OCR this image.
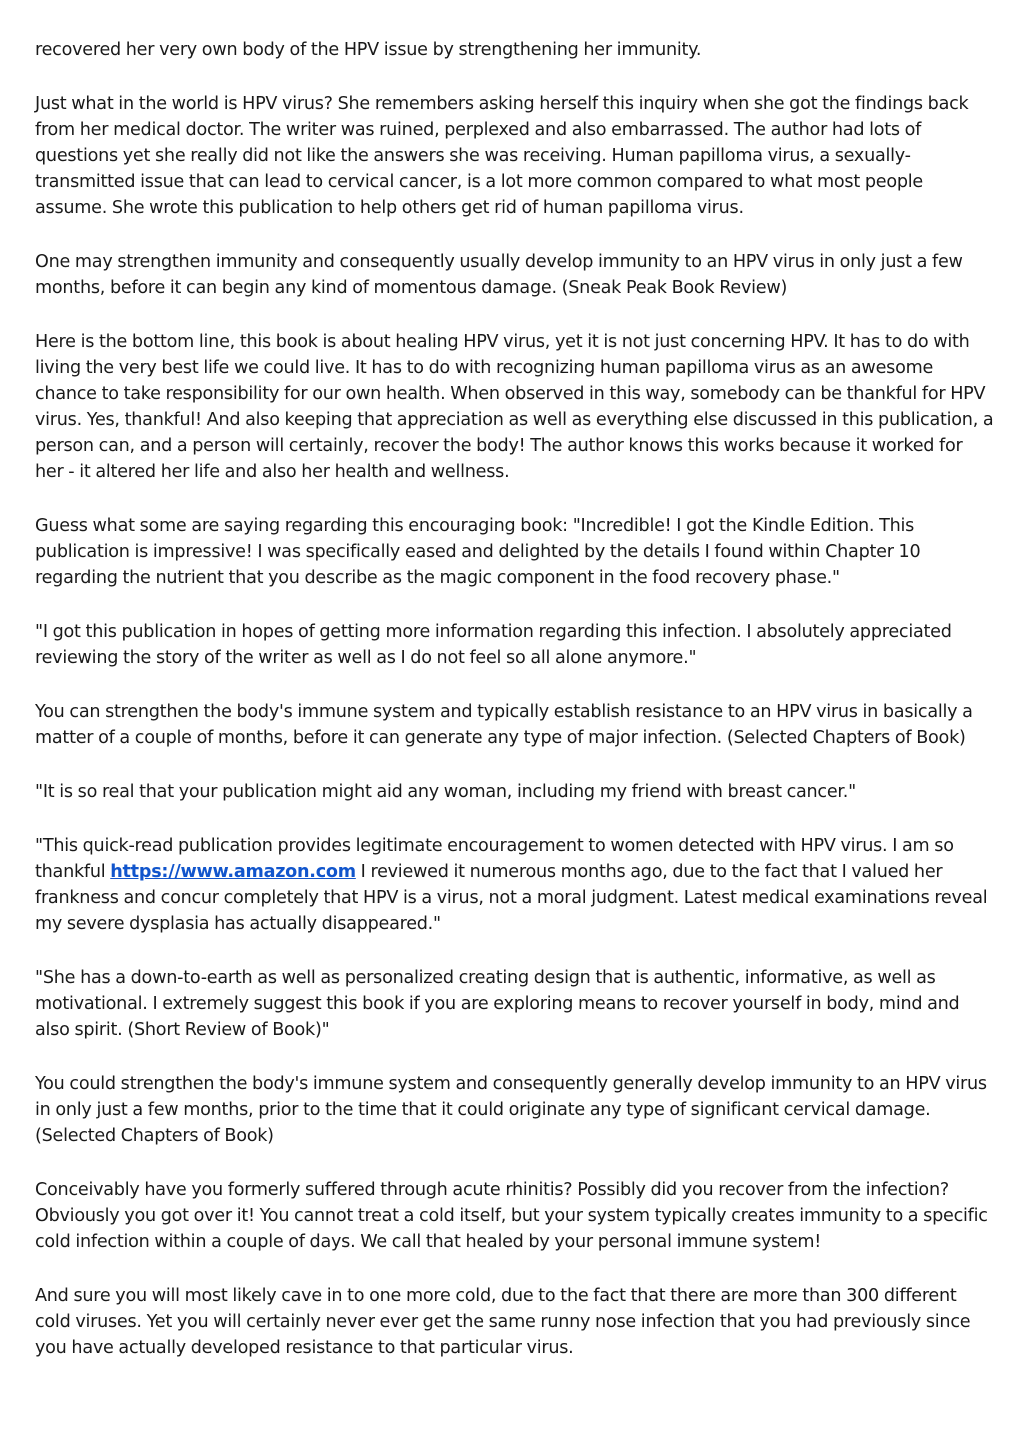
recovered her very own body of the HPV issue by strengthening her immunity.

Just what in the world is HPV virus? She remembers asking herself this inquiry when she got the findings back from her medical doctor. The writer was ruined, perplexed and also embarrassed. The author had lots of questions yet she really did not like the answers she was receiving. Human papilloma virus, a sexually-transmitted issue that can lead to cervical cancer, is a lot more common compared to what most people assume. She wrote this publication to help others get rid of human papilloma virus.

One may strengthen immunity and consequently usually develop immunity to an HPV virus in only just a few months, before it can begin any kind of momentous damage. (Sneak Peak Book Review)

Here is the bottom line, this book is about healing HPV virus, yet it is not just concerning HPV. It has to do with living the very best life we could live. It has to do with recognizing human papilloma virus as an awesome chance to take responsibility for our own health. When observed in this way, somebody can be thankful for HPV virus. Yes, thankful! And also keeping that appreciation as well as everything else discussed in this publication, a person can, and a person will certainly, recover the body! The author knows this works because it worked for her - it altered her life and also her health and wellness.

Guess what some are saying regarding this encouraging book: "Incredible! I got the Kindle Edition. This publication is impressive! I was specifically eased and delighted by the details I found within Chapter 10 regarding the nutrient that you describe as the magic component in the food recovery phase."

"I got this publication in hopes of getting more information regarding this infection. I absolutely appreciated reviewing the story of the writer as well as I do not feel so all alone anymore."

You can strengthen the body's immune system and typically establish resistance to an HPV virus in basically a matter of a couple of months, before it can generate any type of major infection. (Selected Chapters of Book)

"It is so real that your publication might aid any woman, including my friend with breast cancer."

"This quick-read publication provides legitimate encouragement to women detected with HPV virus. I am so thankful https://www.amazon.com I reviewed it numerous months ago, due to the fact that I valued her frankness and concur completely that HPV is a virus, not a moral judgment. Latest medical examinations reveal my severe dysplasia has actually disappeared."

"She has a down-to-earth as well as personalized creating design that is authentic, informative, as well as motivational. I extremely suggest this book if you are exploring means to recover yourself in body, mind and also spirit. (Short Review of Book)"

You could strengthen the body's immune system and consequently generally develop immunity to an HPV virus in only just a few months, prior to the time that it could originate any type of significant cervical damage. (Selected Chapters of Book)

Conceivably have you formerly suffered through acute rhinitis? Possibly did you recover from the infection? Obviously you got over it! You cannot treat a cold itself, but your system typically creates immunity to a specific cold infection within a couple of days. We call that healed by your personal immune system!

And sure you will most likely cave in to one more cold, due to the fact that there are more than 300 different cold viruses. Yet you will certainly never ever get the same runny nose infection that you had previously since you have actually developed resistance to that particular virus.
